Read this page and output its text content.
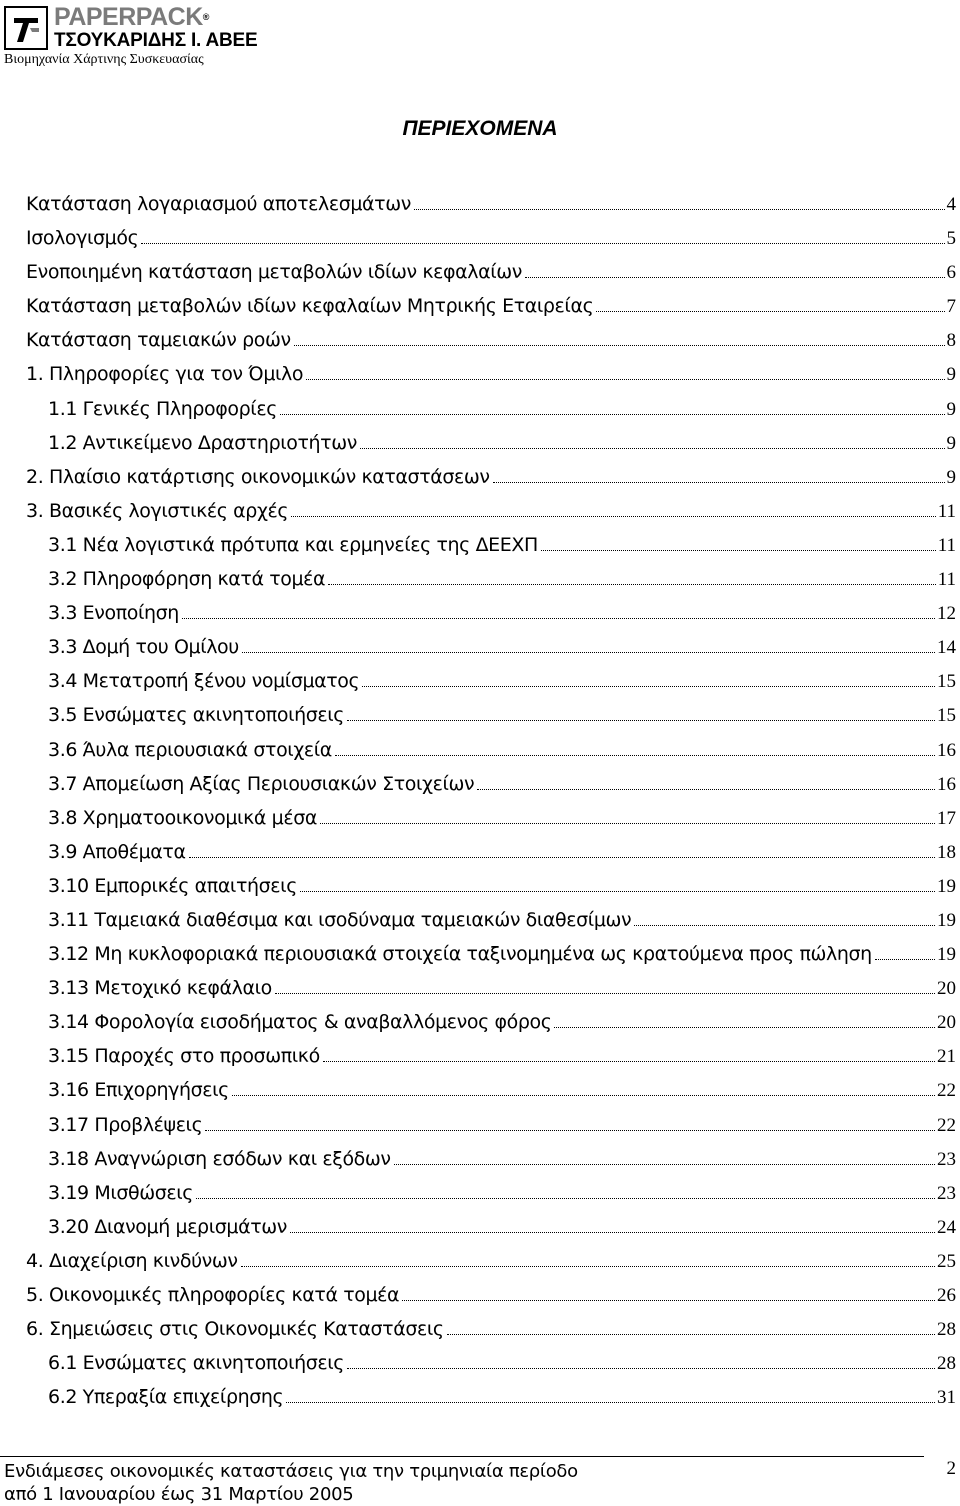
PAPERPACK®
ΤΣΟΥΚΑΡΙΔΗΣ Ι. ΑΒΕΕ
Βιομηχανία Χάρτινης Συσκευασίας
ΠΕΡΙΕΧΟΜΕΝΑ
Κατάσταση λογαριασμού αποτελεσμάτων	4
Ισολογισμός	5
Ενοποιημένη κατάσταση μεταβολών ιδίων κεφαλαίων	6
Κατάσταση μεταβολών ιδίων κεφαλαίων Μητρικής Εταιρείας	7
Κατάσταση ταμειακών ροών	8
1. Πληροφορίες για τον Όμιλο	9
1.1 Γενικές Πληροφορίες	9
1.2 Αντικείμενο Δραστηριοτήτων	9
2. Πλαίσιο κατάρτισης οικονομικών καταστάσεων	9
3. Βασικές λογιστικές αρχές	11
3.1 Νέα λογιστικά πρότυπα και ερμηνείες της ΔΕΕΧΠ	11
3.2 Πληροφόρηση κατά τομέα	11
3.3 Ενοποίηση	12
3.3 Δομή του Ομίλου	14
3.4 Μετατροπή ξένου νομίσματος	15
3.5 Ενσώματες ακινητοποιήσεις	15
3.6 Άυλα περιουσιακά στοιχεία	16
3.7 Απομείωση Αξίας Περιουσιακών Στοιχείων	16
3.8 Χρηματοοικονομικά μέσα	17
3.9 Αποθέματα	18
3.10 Εμπορικές απαιτήσεις	19
3.11 Ταμειακά διαθέσιμα και ισοδύναμα ταμειακών διαθεσίμων	19
3.12 Μη κυκλοφοριακά περιουσιακά στοιχεία ταξινομημένα ως κρατούμενα προς πώληση	19
3.13 Μετοχικό κεφάλαιο	20
3.14 Φορολογία εισοδήματος & αναβαλλόμενος φόρος	20
3.15 Παροχές στο προσωπικό	21
3.16 Επιχορηγήσεις	22
3.17 Προβλέψεις	22
3.18 Αναγνώριση εσόδων και εξόδων	23
3.19 Μισθώσεις	23
3.20 Διανομή μερισμάτων	24
4. Διαχείριση κινδύνων	25
5. Οικονομικές πληροφορίες κατά τομέα	26
6. Σημειώσεις στις Οικονομικές Καταστάσεις	28
6.1 Ενσώματες ακινητοποιήσεις	28
6.2 Υπεραξία επιχείρησης	31
Ενδιάμεσες οικονομικές καταστάσεις για την τριμηνιαία περίοδο
από 1 Ιανουαρίου έως 31 Μαρτίου 2005
2
